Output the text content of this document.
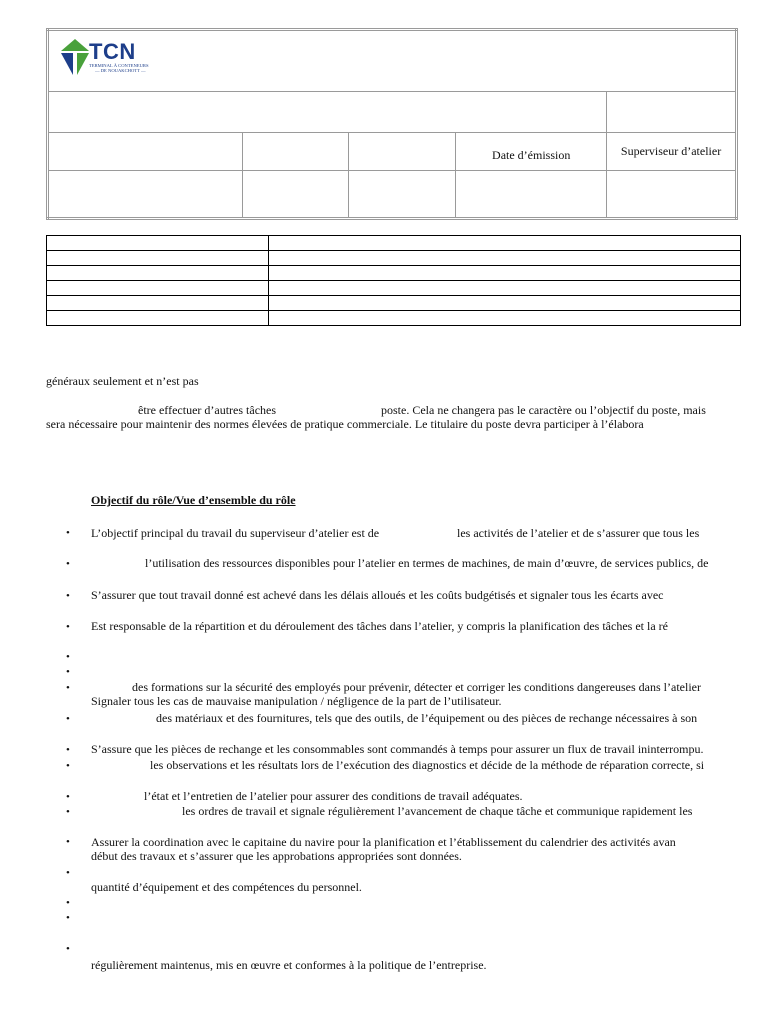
TCN
TERMINAL À CONTENEURS
— DE NOUAKCHOTT —				

			Date d’émission	Superviseur d’atelier

généraux seulement et n’est pas
être effectuer d’autres tâches	poste. Cela ne changera pas le caractère ou l’objectif du poste, mais
sera nécessaire pour maintenir des normes élevées de pratique commerciale. Le titulaire du poste devra participer à l’élabora
Objectif du rôle/Vue d’ensemble du rôle
• L’objectif principal du travail du superviseur d’atelier est de	les activités de l’atelier et de s’assurer que tous les
•	l’utilisation des ressources disponibles pour l’atelier en termes de machines, de main d’œuvre, de services publics, de
• S’assurer que tout travail donné est achevé dans les délais alloués et les coûts budgétisés et signaler tous les écarts avec
• Est responsable de la répartition et du déroulement des tâches dans l’atelier, y compris la planification des tâches et la ré
•
•
•	des formations sur la sécurité des employés pour prévenir, détecter et corriger les conditions dangereuses dans l’atelier
Signaler tous les cas de mauvaise manipulation / négligence de la part de l’utilisateur.
•	des matériaux et des fournitures, tels que des outils, de l’équipement ou des pièces de rechange nécessaires à son
• S’assure que les pièces de rechange et les consommables sont commandés à temps pour assurer un flux de travail ininterrompu.
•	les observations et les résultats lors de l’exécution des diagnostics et décide de la méthode de réparation correcte, si
•	l’état et l’entretien de l’atelier pour assurer des conditions de travail adéquates.
•	les ordres de travail et signale régulièrement l’avancement de chaque tâche et communique rapidement les
• Assurer la coordination avec le capitaine du navire pour la planification et l’établissement du calendrier des activités avan
début des travaux et s’assurer que les approbations appropriées sont données.
•
quantité d’équipement et des compétences du personnel.
•
•
•
régulièrement maintenus, mis en œuvre et conformes à la politique de l’entreprise.
